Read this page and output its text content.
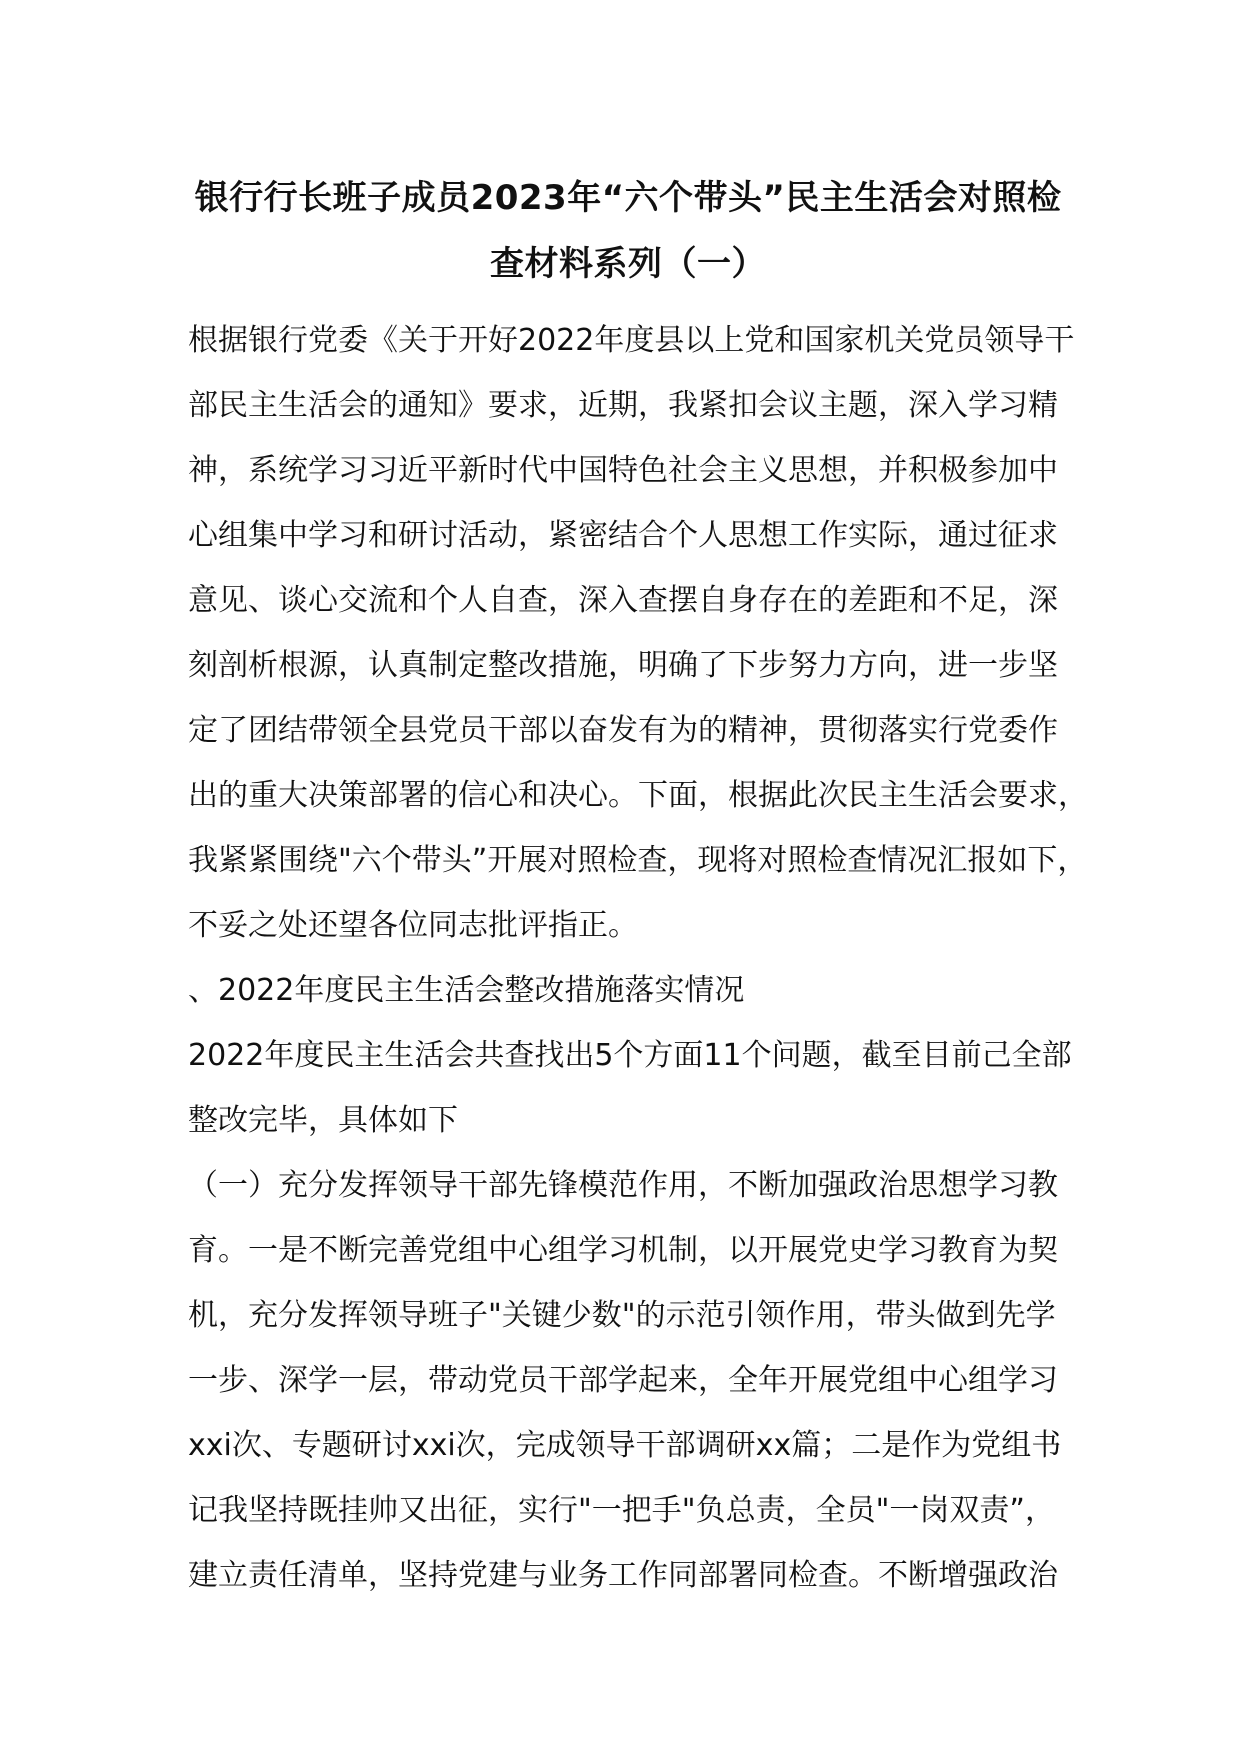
银行行长班子成员2023年“六个带头”民主生活会对照检
查材料系列（一）

根据银行党委《关于开好2022年度县以上党和国家机关党员领导干

部民主生活会的通知》要求，近期，我紧扣会议主题，深入学习精

神，系统学习习近平新时代中国特色社会主义思想，并积极参加中

心组集中学习和研讨活动，紧密结合个人思想工作实际，通过征求

意见、谈心交流和个人自查，深入查摆自身存在的差距和不足，深

刻剖析根源，认真制定整改措施，明确了下步努力方向，进一步坚

定了团结带领全县党员干部以奋发有为的精神，贯彻落实行党委作

出的重大决策部署的信心和决心。下面，根据此次民主生活会要求，

我紧紧围绕"六个带头”开展对照检查，现将对照检查情况汇报如下，

不妥之处还望各位同志批评指正。

、2022年度民主生活会整改措施落实情况

2022年度民主生活会共查找出5个方面11个问题，截至目前己全部

整改完毕，具体如下

（一）充分发挥领导干部先锋模范作用，不断加强政治思想学习教

育。一是不断完善党组中心组学习机制，以开展党史学习教育为契

机，充分发挥领导班子"关键少数"的示范引领作用，带头做到先学

一步、深学一层，带动党员干部学起来，全年开展党组中心组学习

xxi次、专题研讨xxi次，完成领导干部调研xx篇；二是作为党组书

记我坚持既挂帅又出征，实行"一把手"负总责，全员"一岗双责”，

建立责任清单，坚持党建与业务工作同部署同检查。不断增强政治
